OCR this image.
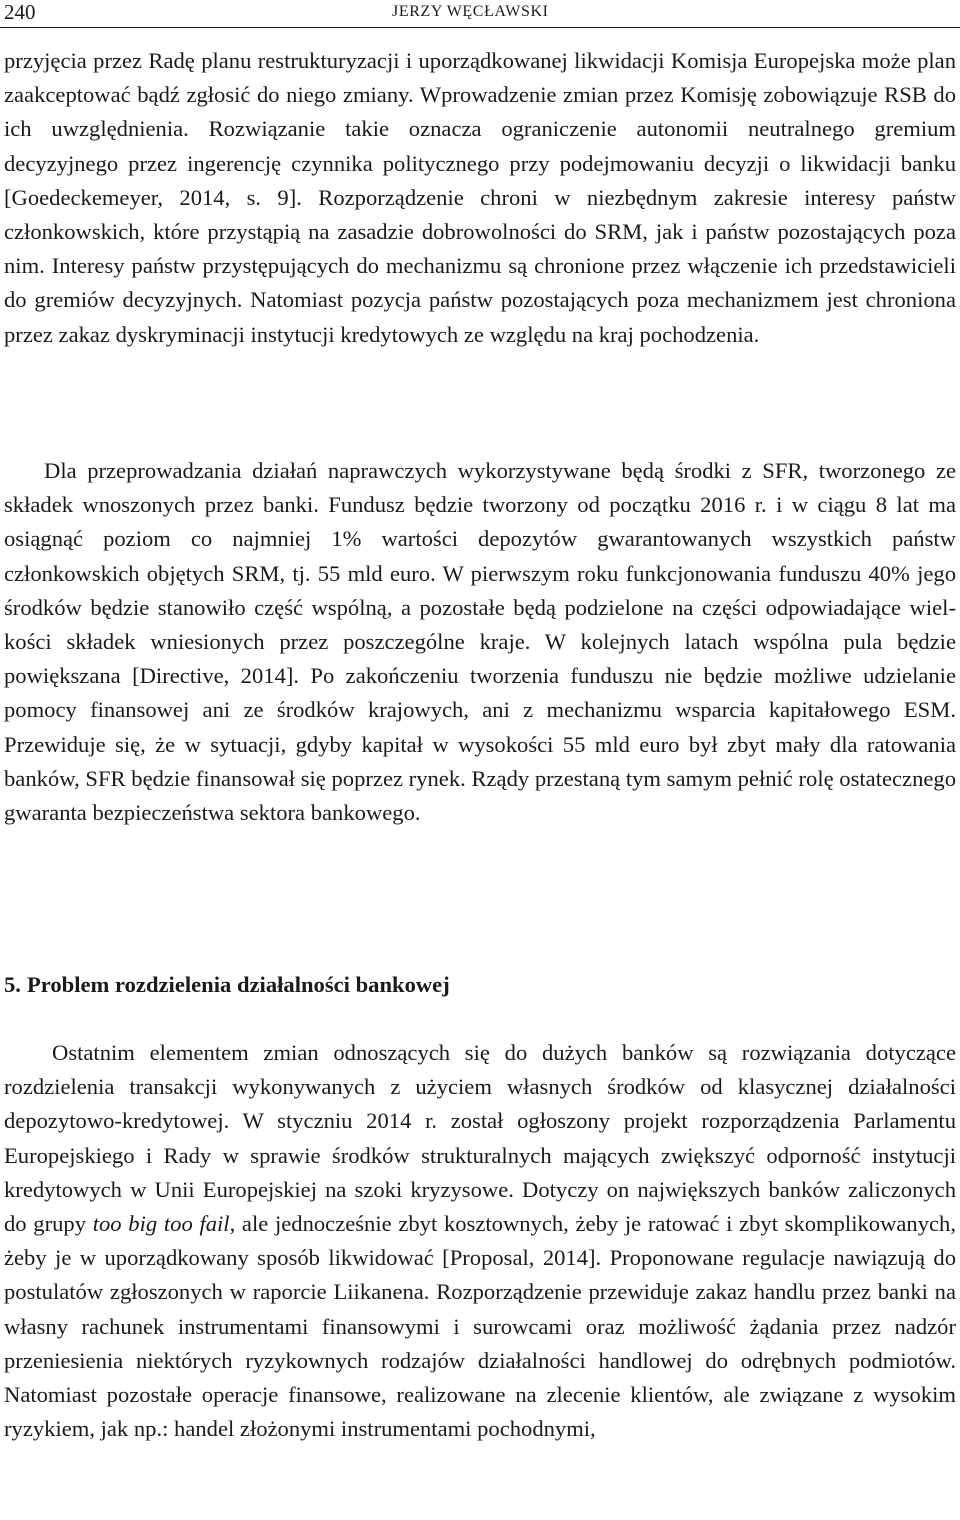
240	JERZY WĘCŁAWSKI

przyjęcia przez Radę planu restrukturyzacji i uporządkowanej likwidacji Komisja Europejska może plan zaakceptować bądź zgłosić do niego zmiany. Wprowadzenie zmian przez Komisję zobowiązuje RSB do ich uwzględnienia. Rozwiązanie takie oznacza ograniczenie autonomii neutralnego gremium decyzyjnego przez ingerencję czynnika politycznego przy podejmowaniu decyzji o likwidacji banku [Goedeckemeyer, 2014, s. 9]. Rozporządzenie chroni w niezbędnym zakresie interesy państw członkowskich, które przystąpią na zasadzie dobrowolności do SRM, jak i państw pozostających poza nim. Interesy państw przystępujących do mechanizmu są chronione przez włączenie ich przedstawicieli do gremiów decyzyjnych. Natomiast pozycja państw pozostających poza mechanizmem jest chroniona przez zakaz dyskryminacji instytucji kredytowych ze względu na kraj pochodzenia.

Dla przeprowadzania działań naprawczych wykorzystywane będą środki z SFR, tworzonego ze składek wnoszonych przez banki. Fundusz będzie tworzony od początku 2016 r. i w ciągu 8 lat ma osiągnąć poziom co najmniej 1% wartości depozytów gwarantowanych wszystkich państw członkowskich objętych SRM, tj. 55 mld euro. W pierwszym roku funkcjonowania funduszu 40% jego środków będzie stanowiło część wspólną, a pozostałe będą podzielone na części odpowiadające wielkości składek wniesionych przez poszczególne kraje. W kolejnych latach wspólna pula będzie powiększana [Directive, 2014]. Po zakończeniu tworzenia funduszu nie będzie możliwe udzielanie pomocy finansowej ani ze środków krajowych, ani z mechanizmu wsparcia kapitałowego ESM. Przewiduje się, że w sytuacji, gdyby kapitał w wysokości 55 mld euro był zbyt mały dla ratowania banków, SFR będzie finansował się poprzez rynek. Rządy przestaną tym samym pełnić rolę ostatecznego gwaranta bezpieczeństwa sektora bankowego.

5. Problem rozdzielenia działalności bankowej

Ostatnim elementem zmian odnoszących się do dużych banków są rozwiązania dotyczące rozdzielenia transakcji wykonywanych z użyciem własnych środków od klasycznej działalności depozytowo-kredytowej. W styczniu 2014 r. został ogłoszony projekt rozporządzenia Parlamentu Europejskiego i Rady w sprawie środków strukturalnych mających zwiększyć odporność instytucji kredytowych w Unii Europejskiej na szoki kryzysowe. Dotyczy on największych banków zaliczonych do grupy too big too fail, ale jednocześnie zbyt kosztownych, żeby je ratować i zbyt skomplikowanych, żeby je w uporządkowany sposób likwidować [Proposal, 2014]. Proponowane regulacje nawiązują do postulatów zgłoszonych w raporcie Liikanena. Rozporządzenie przewiduje zakaz handlu przez banki na własny rachunek instrumentami finansowymi i surowcami oraz możliwość żądania przez nadzór przeniesienia niektórych ryzykownych rodzajów działalności handlowej do odrębnych podmiotów. Natomiast pozostałe operacje finansowe, realizowane na zlecenie klientów, ale związane z wysokim ryzykiem, jak np.: handel złożonymi instrumentami pochodnymi,
